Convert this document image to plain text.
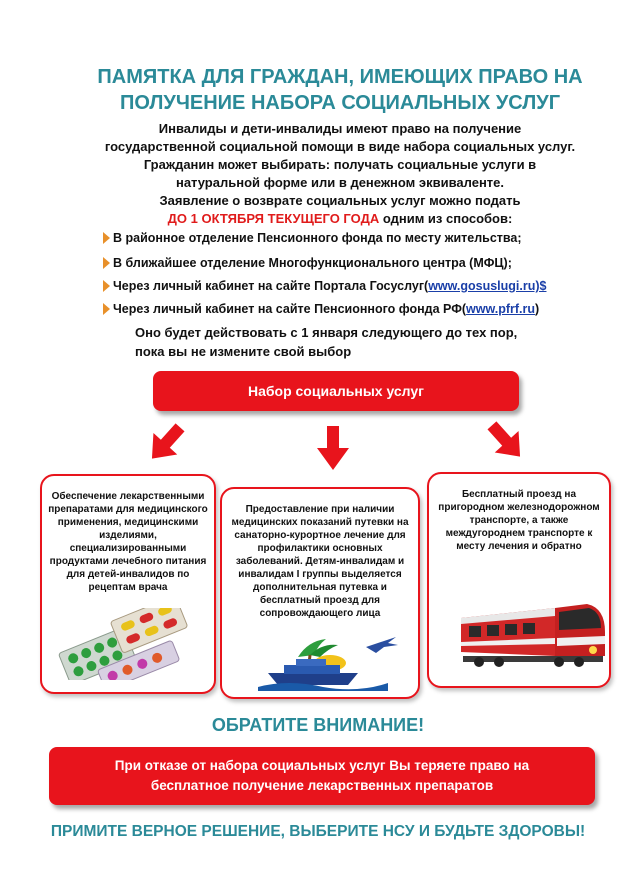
ПАМЯТКА ДЛЯ ГРАЖДАН, ИМЕЮЩИХ ПРАВО НА
ПОЛУЧЕНИЕ НАБОРА СОЦИАЛЬНЫХ УСЛУГ
Инвалиды и дети-инвалиды имеют право на получение
государственной социальной помощи в виде набора социальных услуг.
Гражданин может выбирать: получать социальные услуги в
натуральной форме или в денежном эквиваленте.
Заявление о возврате социальных услуг можно подать
ДО 1 ОКТЯБРЯ ТЕКУЩЕГО ГОДА одним из способов:
В районное отделение Пенсионного фонда по месту жительства;
В ближайшее отделение Многофункционального центра (МФЦ);
Через личный кабинет на сайте Портала Госуслуг(www.gosuslugi.ru)$
Через личный кабинет на сайте Пенсионного фонда РФ(www.pfrf.ru)
Оно будет действовать с 1 января следующего до тех пор,
пока вы не измените свой выбор
Набор социальных услуг
Обеспечение лекарственными препаратами для медицинского применения, медицинскими изделиями, специализированными продуктами лечебного питания для детей-инвалидов по рецептам врача
Предоставление при наличии медицинских показаний путевки на санаторно-курортное лечение для профилактики основных заболеваний. Детям-инвалидам и инвалидам I группы выделяется дополнительная путевка и бесплатный проезд для сопровождающего лица
Бесплатный проезд на пригородном железнодорожном транспорте, а также междугороднем транспорте к месту лечения и обратно
ОБРАТИТЕ ВНИМАНИЕ!
При отказе от набора социальных услуг Вы теряете право на
бесплатное получение лекарственных препаратов
ПРИМИТЕ ВЕРНОЕ РЕШЕНИЕ, ВЫБЕРИТЕ НСУ И БУДЬТЕ ЗДОРОВЫ!
